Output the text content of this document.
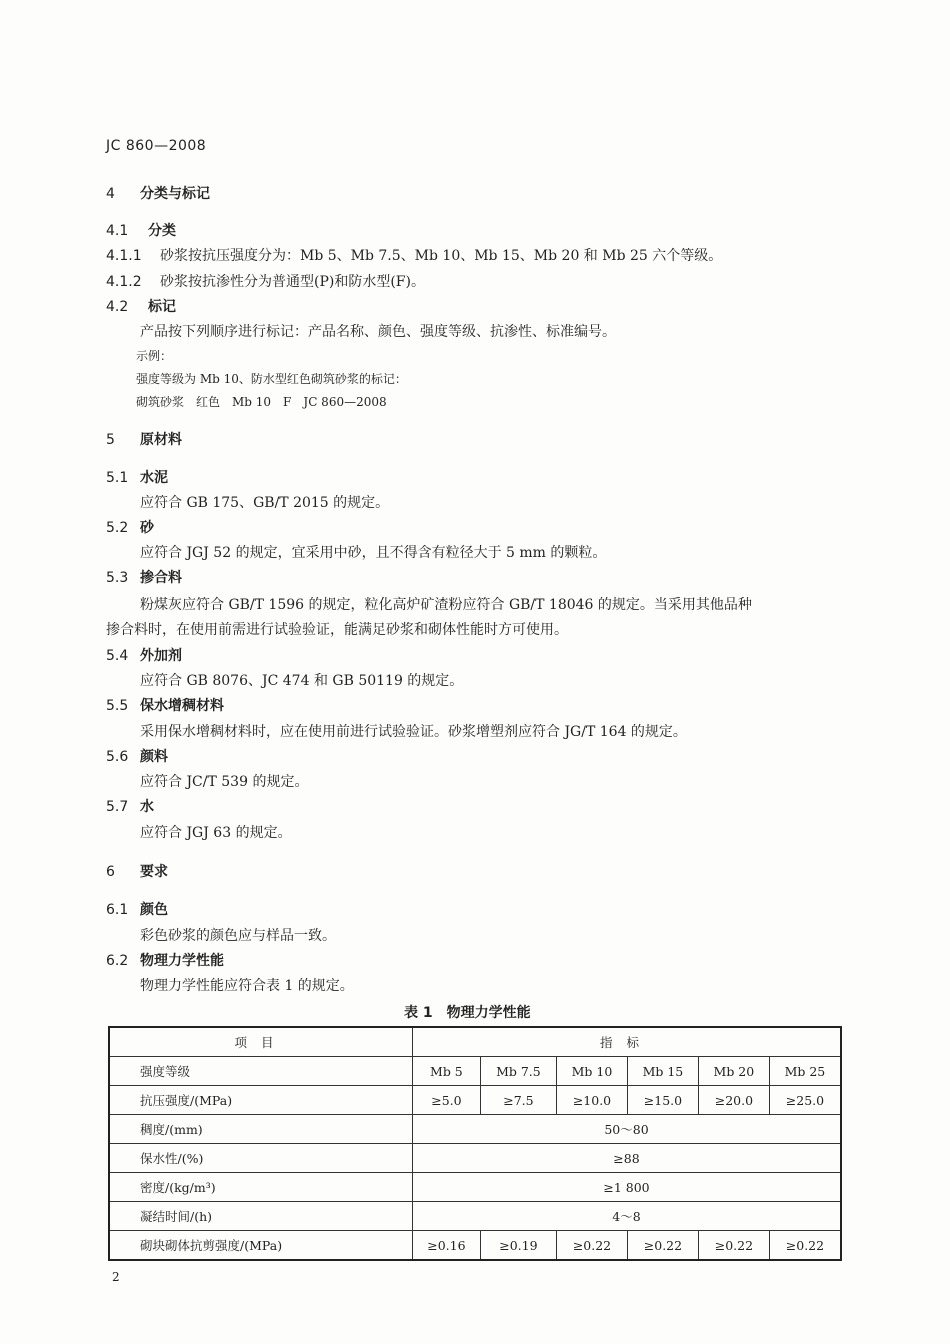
JC 860—2008
4 分类与标记
4.1 分类
4.1.1 砂浆按抗压强度分为：Mb 5、Mb 7.5、Mb 10、Mb 15、Mb 20 和 Mb 25 六个等级。
4.1.2 砂浆按抗渗性分为普通型(P)和防水型(F)。
4.2 标记
产品按下列顺序进行标记：产品名称、颜色、强度等级、抗渗性、标准编号。
示例：
强度等级为 Mb 10、防水型红色砌筑砂浆的标记：
砌筑砂浆　红色　Mb 10　F　JC 860—2008
5 原材料
5.1 水泥
应符合 GB 175、GB/T 2015 的规定。
5.2 砂
应符合 JGJ 52 的规定，宜采用中砂，且不得含有粒径大于 5 mm 的颗粒。
5.3 掺合料
粉煤灰应符合 GB/T 1596 的规定，粒化高炉矿渣粉应符合 GB/T 18046 的规定。当采用其他品种
掺合料时，在使用前需进行试验验证，能满足砂浆和砌体性能时方可使用。
5.4 外加剂
应符合 GB 8076、JC 474 和 GB 50119 的规定。
5.5 保水增稠材料
采用保水增稠材料时，应在使用前进行试验验证。砂浆增塑剂应符合 JG/T 164 的规定。
5.6 颜料
应符合 JC/T 539 的规定。
5.7 水
应符合 JGJ 63 的规定。
6 要求
6.1 颜色
彩色砂浆的颜色应与样品一致。
6.2 物理力学性能
物理力学性能应符合表 1 的规定。
表 1　物理力学性能
项目	指标					
强度等级	Mb 5	Mb 7.5	Mb 10	Mb 15	Mb 20	Mb 25
抗压强度/(MPa)	≥5.0	≥7.5	≥10.0	≥15.0	≥20.0	≥25.0
稠度/(mm)	50～80					
保水性/(%)	≥88					
密度/(kg/m³)	≥1 800					
凝结时间/(h)	4～8					
砌块砌体抗剪强度/(MPa)	≥0.16	≥0.19	≥0.22	≥0.22	≥0.22	≥0.22
2
